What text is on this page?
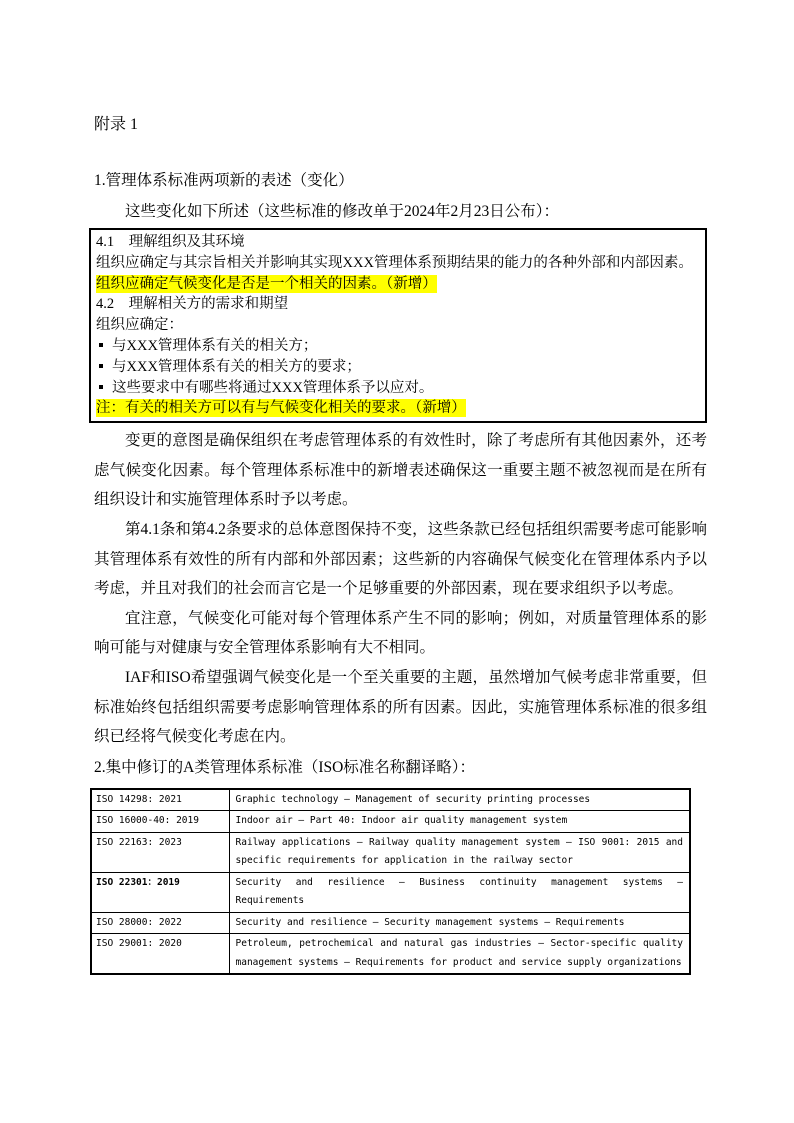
附录 1
1.管理体系标准两项新的表述（变化）
这些变化如下所述（这些标准的修改单于2024年2月23日公布）：
4.1　理解组织及其环境
组织应确定与其宗旨相关并影响其实现XXX管理体系预期结果的能力的各种外部和内部因素。
组织应确定气候变化是否是一个相关的因素。（新增）
4.2　理解相关方的需求和期望
组织应确定：
与XXX管理体系有关的相关方；
与XXX管理体系有关的相关方的要求；
这些要求中有哪些将通过XXX管理体系予以应对。
注：有关的相关方可以有与气候变化相关的要求。（新增）

变更的意图是确保组织在考虑管理体系的有效性时，除了考虑所有其他因素外，还考虑气候变化因素。每个管理体系标准中的新增表述确保这一重要主题不被忽视而是在所有组织设计和实施管理体系时予以考虑。

第4.1条和第4.2条要求的总体意图保持不变，这些条款已经包括组织需要考虑可能影响其管理体系有效性的所有内部和外部因素；这些新的内容确保气候变化在管理体系内予以考虑，并且对我们的社会而言它是一个足够重要的外部因素，现在要求组织予以考虑。

宜注意，气候变化可能对每个管理体系产生不同的影响；例如，对质量管理体系的影响可能与对健康与安全管理体系影响有大不相同。

IAF和ISO希望强调气候变化是一个至关重要的主题，虽然增加气候考虑非常重要，但标准始终包括组织需要考虑影响管理体系的所有因素。因此，实施管理体系标准的很多组织已经将气候变化考虑在内。

2.集中修订的A类管理体系标准（ISO标准名称翻译略）：
ISO 14298: 2021	Graphic technology — Management of security printing processes
ISO 16000-40: 2019	Indoor air — Part 40: Indoor air quality management system
ISO 22163: 2023	Railway applications — Railway quality management system — ISO 9001: 2015 and specific requirements for application in the railway sector
ISO 22301：2019	Security and resilience — Business continuity management systems — Requirements
ISO 28000: 2022	Security and resilience — Security management systems — Requirements
ISO 29001: 2020	Petroleum, petrochemical and natural gas industries — Sector-specific quality management systems — Requirements for product and service supply organizations
